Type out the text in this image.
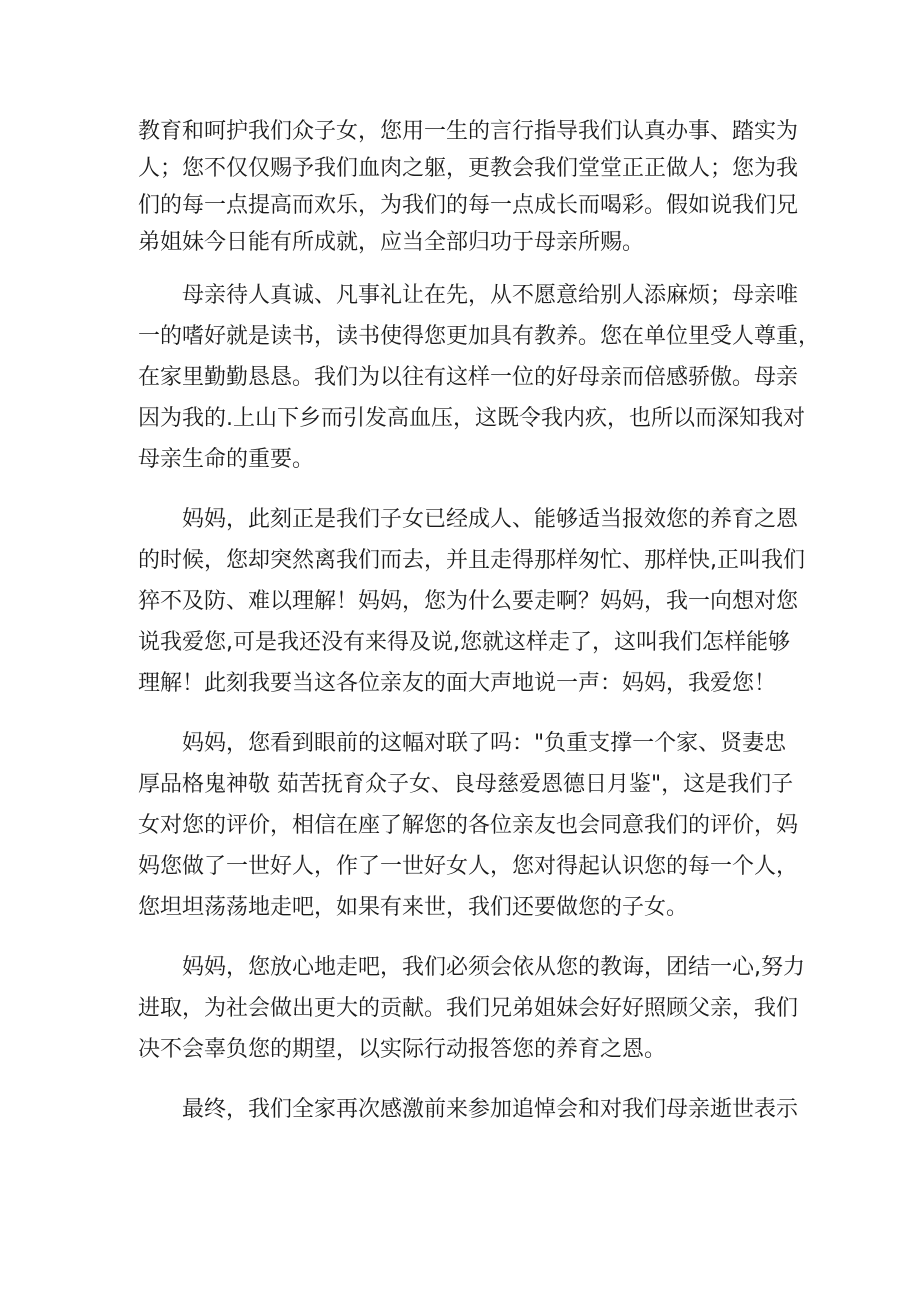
教育和呵护我们众子女，您用一生的言行指导我们认真办事、踏实为
人；您不仅仅赐予我们血肉之躯，更教会我们堂堂正正做人；您为我
们的每一点提高而欢乐，为我们的每一点成长而喝彩。假如说我们兄
弟姐妹今日能有所成就，应当全部归功于母亲所赐。
母亲待人真诚、凡事礼让在先，从不愿意给别人添麻烦；母亲唯
一的嗜好就是读书，读书使得您更加具有教养。您在单位里受人尊重，
在家里勤勤恳恳。我们为以往有这样一位的好母亲而倍感骄傲。母亲
因为我的.上山下乡而引发高血压，这既令我内疚，也所以而深知我对
母亲生命的重要。
妈妈，此刻正是我们子女已经成人、能够适当报效您的养育之恩
的时候，您却突然离我们而去，并且走得那样匆忙、那样快,正叫我们
猝不及防、难以理解！妈妈，您为什么要走啊？妈妈，我一向想对您
说我爱您,可是我还没有来得及说,您就这样走了，这叫我们怎样能够
理解！此刻我要当这各位亲友的面大声地说一声：妈妈，我爱您！
妈妈，您看到眼前的这幅对联了吗："负重支撑一个家、贤妻忠
厚品格鬼神敬 茹苦抚育众子女、良母慈爱恩德日月鉴"，这是我们子
女对您的评价，相信在座了解您的各位亲友也会同意我们的评价，妈
妈您做了一世好人，作了一世好女人，您对得起认识您的每一个人，
您坦坦荡荡地走吧，如果有来世，我们还要做您的子女。
妈妈，您放心地走吧，我们必须会依从您的教诲，团结一心,努力
进取，为社会做出更大的贡献。我们兄弟姐妹会好好照顾父亲，我们
决不会辜负您的期望，以实际行动报答您的养育之恩。
最终，我们全家再次感激前来参加追悼会和对我们母亲逝世表示
